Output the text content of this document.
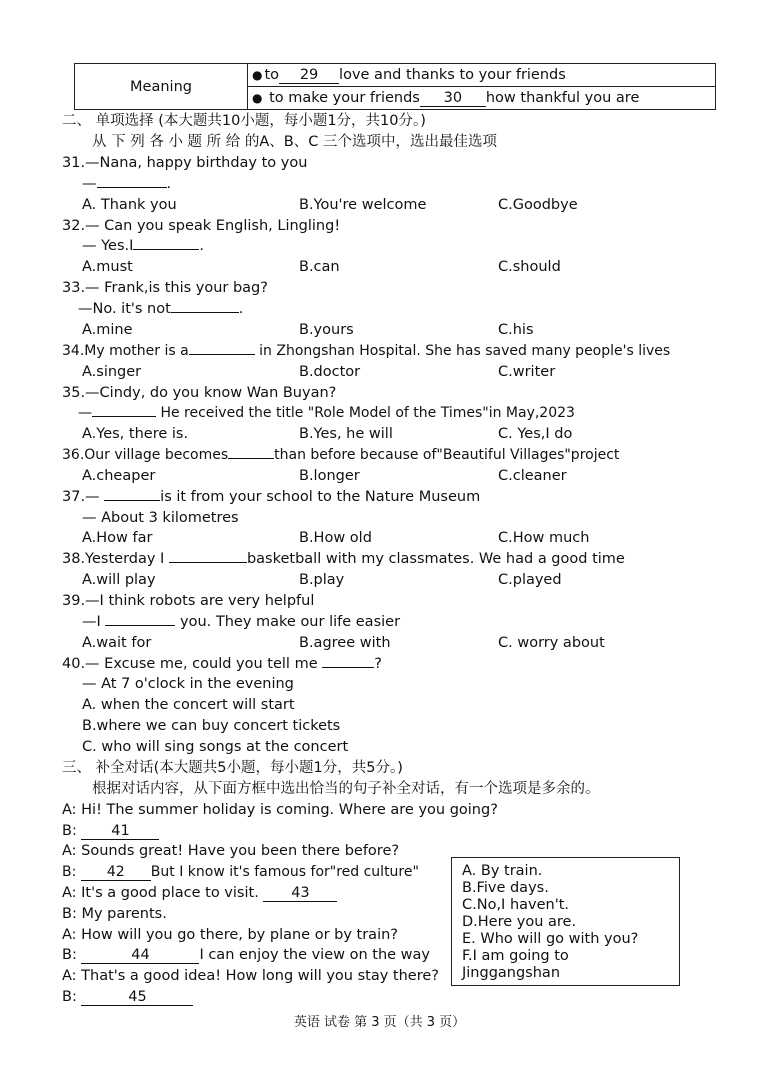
Meaning	● to 29 love and thanks to your friends
● to make your friends 30 how thankful you are
二、 单项选择 (本大题共10小题，每小题1分，共10分。)
从 下 列 各 小 题 所 给 的A、B、C 三个选项中，选出最佳选项
31.—Nana, happy birthday to you
—	.
A. Thank you	B.You're welcome	C.Goodbye
32.— Can you speak English, Lingling!
— Yes.I	.
A.must	B.can	C.should
33.— Frank,is this your bag?
—No. it's not	.
A.mine	B.yours	C.his
34.My mother is a	in Zhongshan Hospital. She has saved many people's lives
A.singer	B.doctor	C.writer
35.—Cindy, do you know Wan Buyan?
—	He received the title "Role Model of the Times"in May,2023
A.Yes, there is.	B.Yes, he will	C. Yes,I do
36.Our village becomes	than before because of"Beautiful Villages"project
A.cheaper	B.longer	C.cleaner
37.—	is it from your school to the Nature Museum
— About 3 kilometres
A.How far	B.How old	C.How much
38.Yesterday I	basketball with my classmates. We had a good time
A.will play	B.play	C.played
39.—I think robots are very helpful
—I	you. They make our life easier
A.wait for	B.agree with	C. worry about
40.— Excuse me, could you tell me	?
— At 7 o'clock in the evening
A. when the concert will start
B.where we can buy concert tickets
C. who will sing songs at the concert
三、 补全对话(本大题共5小题，每小题1分，共5分。)
根据对话内容，从下面方框中选出恰当的句子补全对话，有一个选项是多余的。
A: Hi! The summer holiday is coming. Where are you going?
B: 41
A: Sounds great! Have you been there before?
B: 42 But I know it's famous for"red culture"
A: It's a good place to visit. 43
B: My parents.
A: How will you go there, by plane or by train?
B:	44	I can enjoy the view on the way
A: That's a good idea! How long will you stay there?
B:	45
A. By train.
B.Five days.
C.No,I haven't.
D.Here you are.
E. Who will go with you?
F.I am going to
Jinggangshan
英语 试卷 第 3 页（共 3 页）
